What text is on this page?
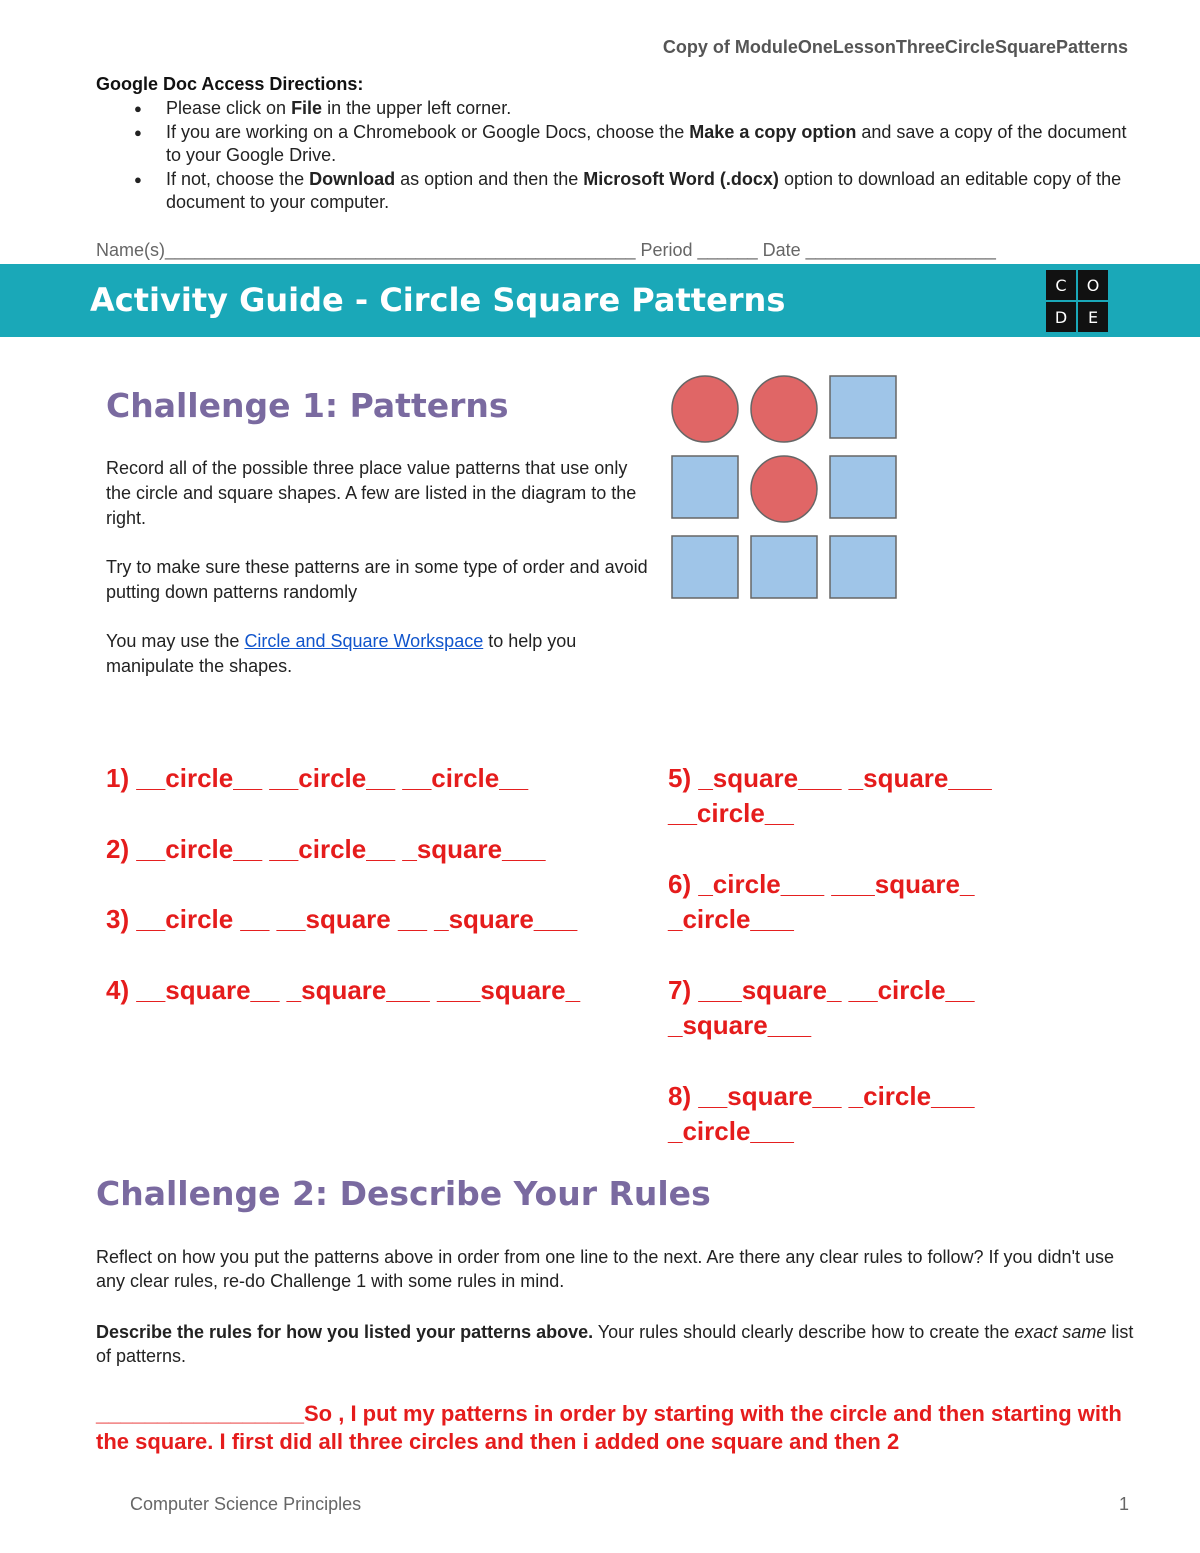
Copy of ModuleOneLessonThreeCircleSquarePatterns
Google Doc Access Directions:
● Please click on File in the upper left corner.
● If you are working on a Chromebook or Google Docs, choose the Make a copy option and save a copy of the document to your Google Drive.
● If not, choose the Download as option and then the Microsoft Word (.docx) option to download an editable copy of the document to your computer.
Name(s)_______________________________________________ Period ______ Date ___________________
Activity Guide - Circle Square Patterns	C	O
D	E
Challenge 1: Patterns

Record all of the possible three place value patterns that use only the circle and square shapes. A few are listed in the diagram to the right.

Try to make sure these patterns are in some type of order and avoid putting down patterns randomly

You may use the Circle and Square Workspace to help you manipulate the shapes.

1) __circle__ __circle__ __circle__
2) __circle__ __circle__ _square___
3) __circle __ __square __ _square___
4) __square__ _square___ ___square_
5) _square___ _square___ __circle__
6) _circle___ ___square_ _circle___
7) ___square_ __circle__ _square___
8) __square__ _circle___ _circle___
Challenge 2: Describe Your Rules

Reflect on how you put the patterns above in order from one line to the next. Are there any clear rules to follow? If you didn't use any clear rules, re-do Challenge 1 with some rules in mind.

Describe the rules for how you listed your patterns above. Your rules should clearly describe how to create the exact same list of patterns.

_________________So , I put my patterns in order by starting with the circle and then starting with the square. I first did all three circles and then i added one square and then 2

Computer Science Principles	1
